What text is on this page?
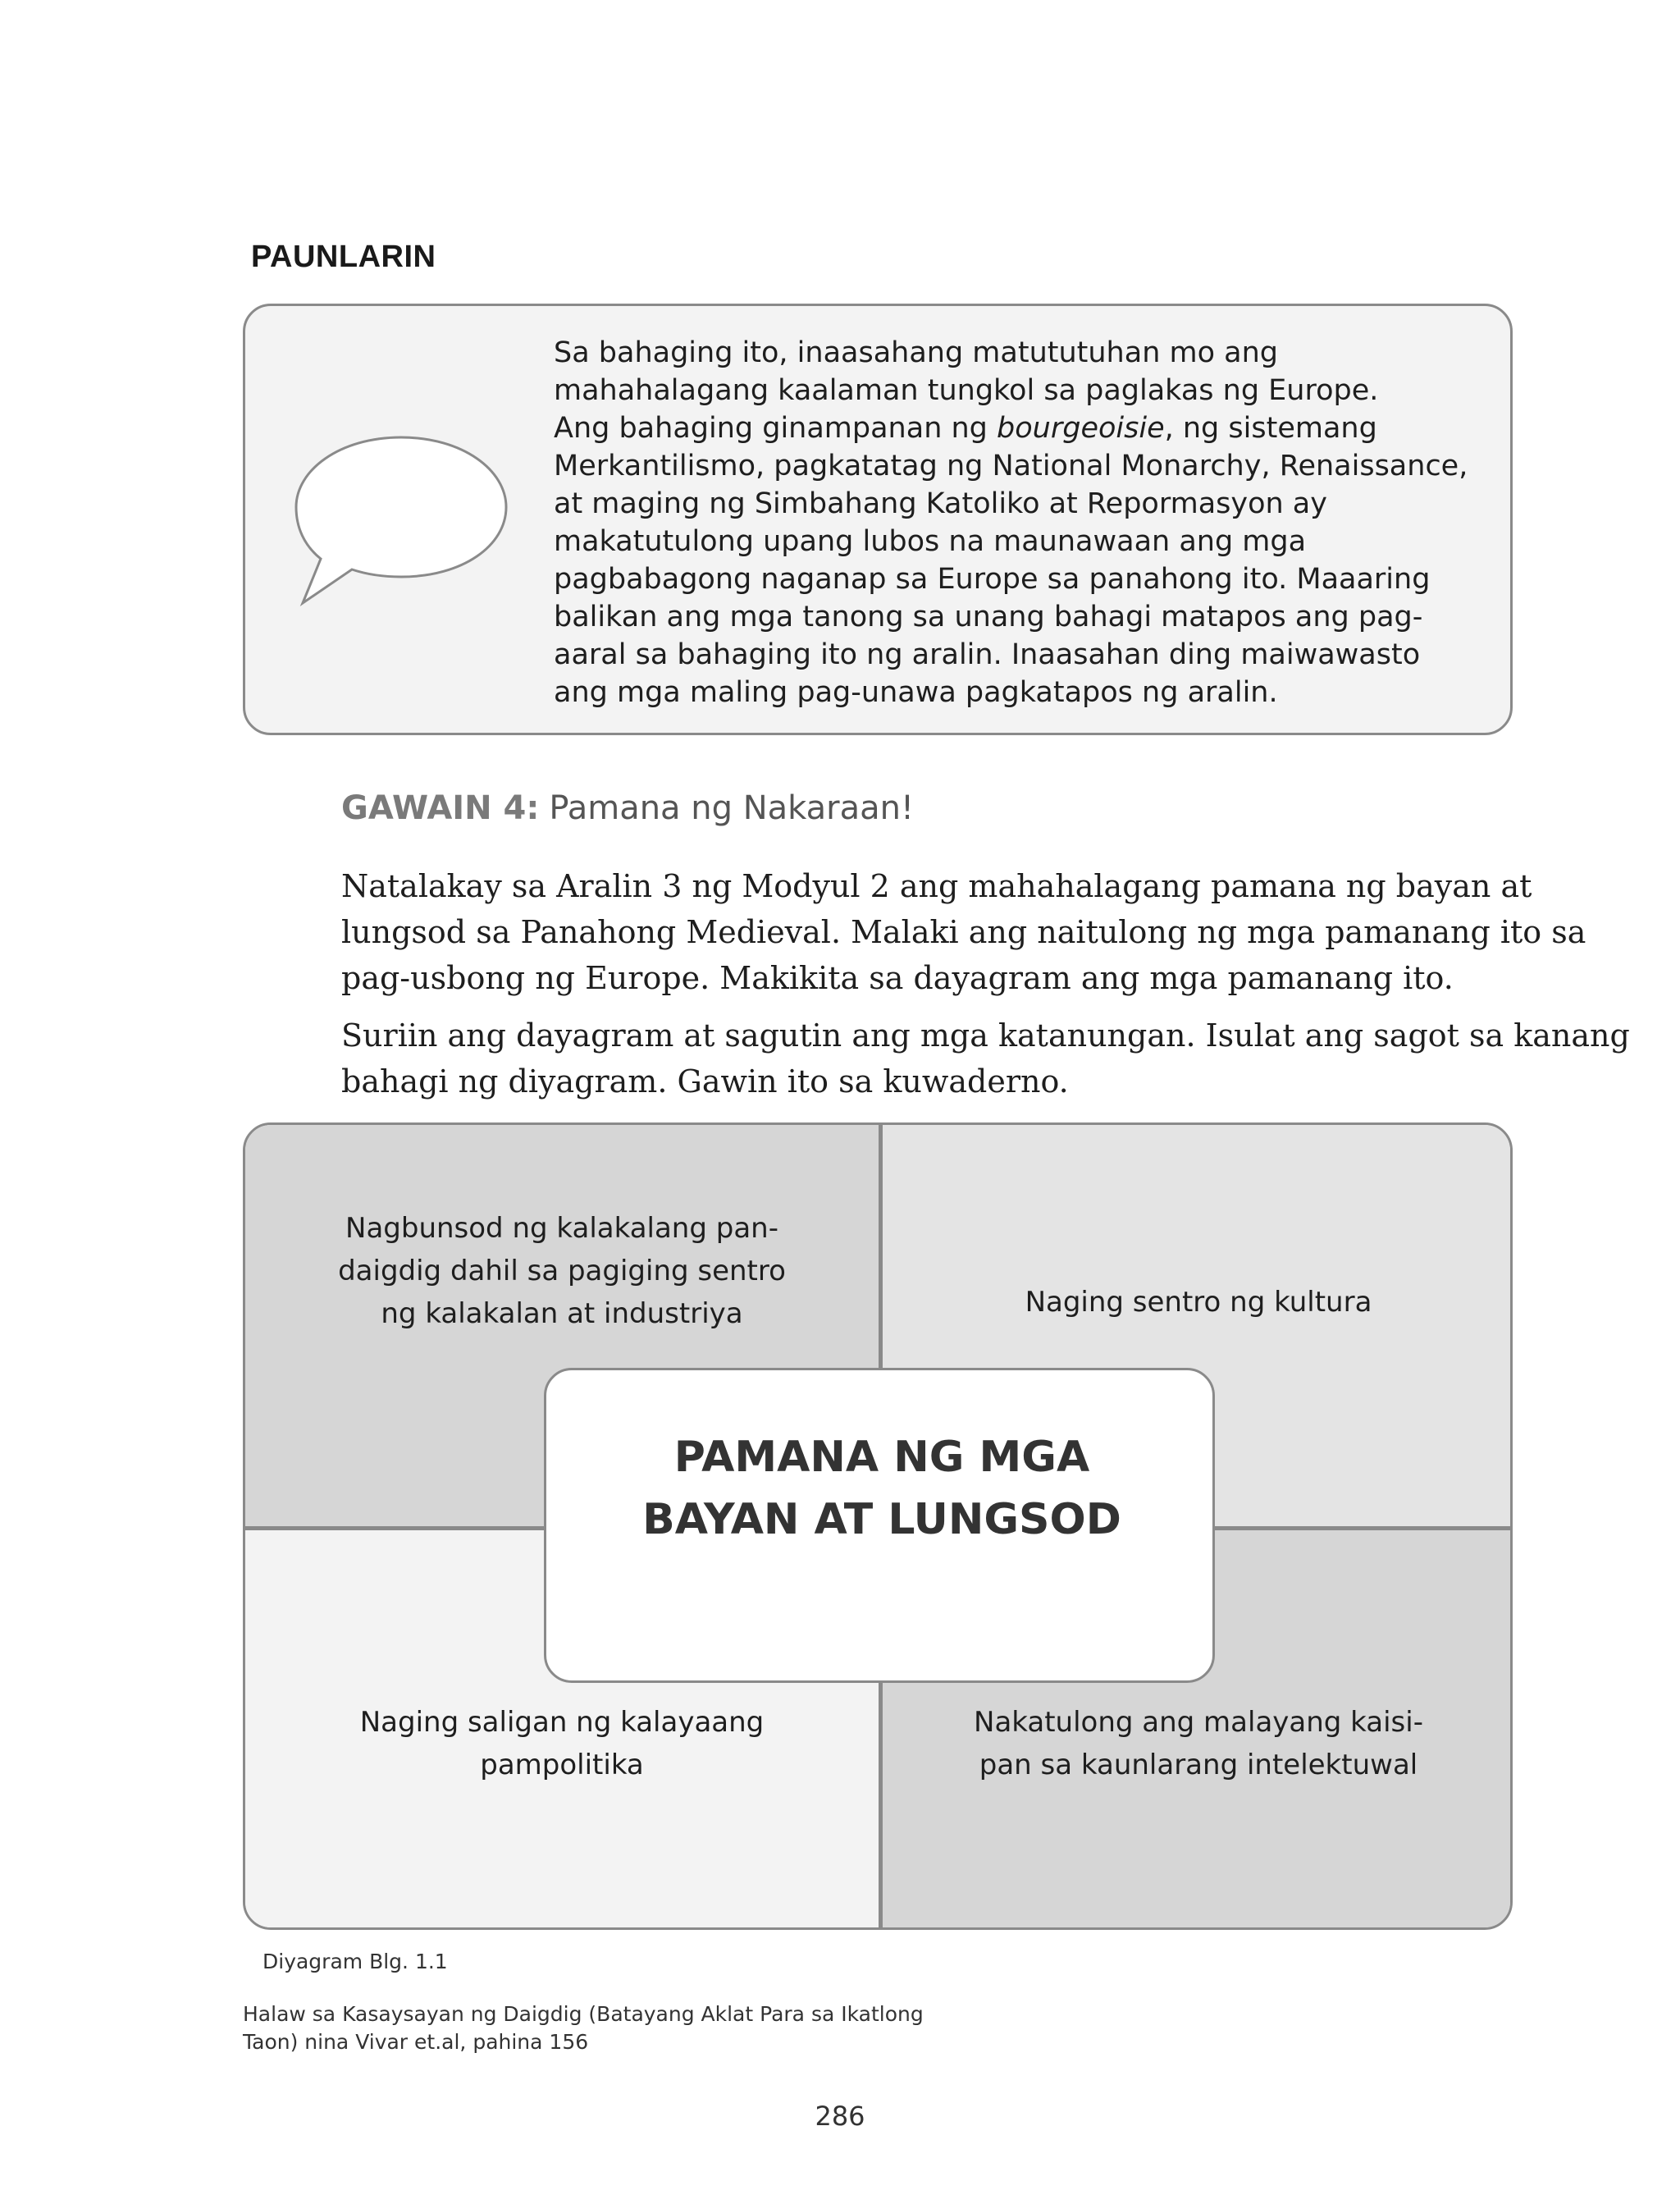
PAUNLARIN
Sa bahaging ito, inaasahang matututuhan mo ang
mahahalagang kaalaman tungkol sa paglakas ng Europe.
Ang bahaging ginampanan ng bourgeoisie, ng sistemang
Merkantilismo, pagkatatag ng National Monarchy, Renaissance,
at maging ng Simbahang Katoliko at Repormasyon ay
makatutulong upang lubos na maunawaan ang mga
pagbabagong naganap sa Europe sa panahong ito. Maaaring
balikan ang mga tanong sa unang bahagi matapos ang pag-
aaral sa bahaging ito ng aralin. Inaasahan ding maiwawasto
ang mga maling pag-unawa pagkatapos ng aralin.
GAWAIN 4: Pamana ng Nakaraan!
Natalakay sa Aralin 3 ng Modyul 2 ang mahahalagang pamana ng bayan at
lungsod sa Panahong Medieval. Malaki ang naitulong ng mga pamanang ito sa
pag-usbong ng Europe. Makikita sa dayagram ang mga pamanang ito.
Suriin ang dayagram at sagutin ang mga katanungan. Isulat ang sagot sa kanang
bahagi ng diyagram. Gawin ito sa kuwaderno.
Nagbunsod ng kalakalang pan-
daigdig dahil sa pagiging sentro
ng kalakalan at industriya	Naging sentro ng kultura
Naging saligan ng kalayaang
pampolitika
Nakatulong ang malayang kaisi-
pan sa kaunlarang intelektuwal
PAMANA NG MGA
BAYAN AT LUNGSOD
Diyagram Blg. 1.1
Halaw sa Kasaysayan ng Daigdig (Batayang Aklat Para sa Ikatlong
Taon) nina Vivar et.al, pahina 156
286
